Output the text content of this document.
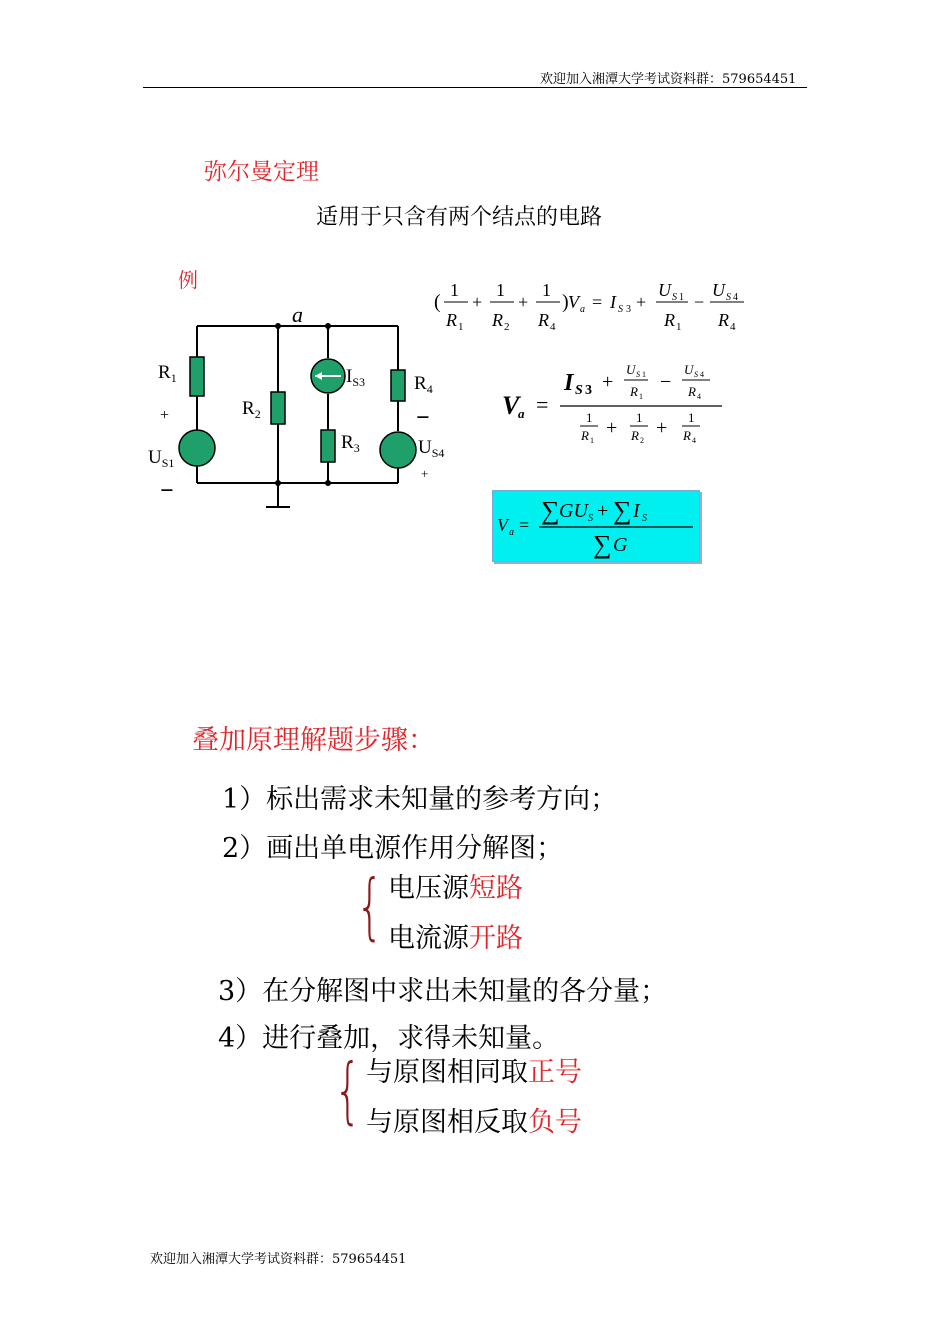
欢迎加入湘潭大学考试资料群：579654451
弥尔曼定理
适用于只含有两个结点的电路
例
a
$R_1$
+
$U_{S1}$
−
$R_2$
$I_{S3}$
$R_3$
$R_4$
−
$U_{S4}$
+
(
1
R 1
+
1
R 2
+
1
R 4
) V a = I S 3 +
U S 1
R 1
−
U S 4
R 4
V
a =
I S 3 +
U S 1
R 1
−
U S 4
R 4
1
R 1
+ 1
R 2
+ 1
R 4
V a = ∑ GU S + ∑ I S
∑ G
叠加原理解题步骤：
1）标出需求未知量的参考方向；
2）画出单电源作用分解图；
{ 电压源短路
电流源开路
3）在分解图中求出未知量的各分量；
4）进行叠加，求得未知量。
{ 与原图相同取正号
与原图相反取负号
欢迎加入湘潭大学考试资料群：579654451
